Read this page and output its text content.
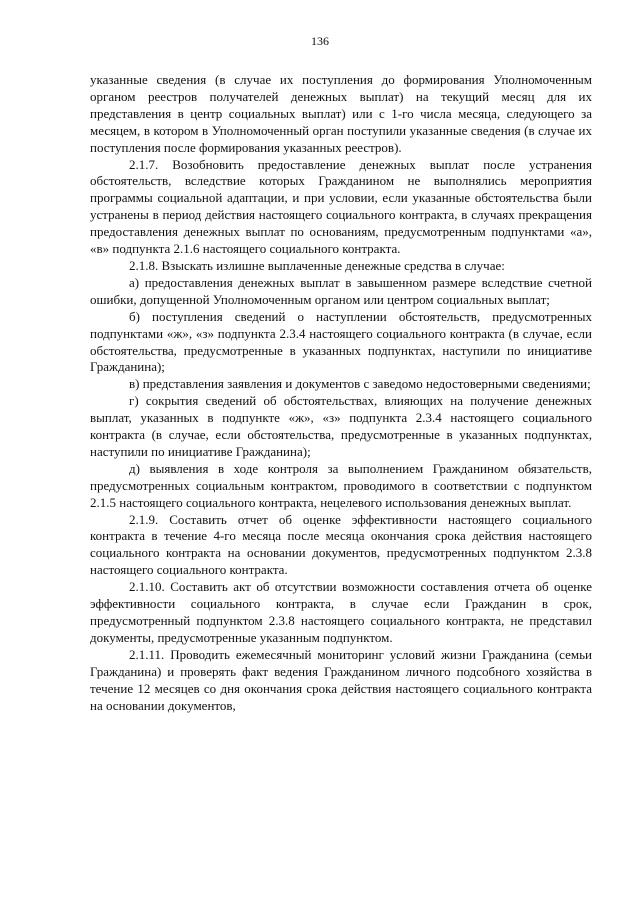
136

указанные сведения (в случае их поступления до формирования Уполномоченным органом реестров получателей денежных выплат) на текущий месяц для их представления в центр социальных выплат) или с 1-го числа месяца, следующего за месяцем, в котором в Уполномоченный орган поступили указанные сведения (в случае их поступления после формирования указанных реестров).

2.1.7. Возобновить предоставление денежных выплат после устранения обстоятельств, вследствие которых Гражданином не выполнялись мероприятия программы социальной адаптации, и при условии, если указанные обстоятельства были устранены в период действия настоящего социального контракта, в случаях прекращения предоставления денежных выплат по основаниям, предусмотренным подпунктами «а», «в» подпункта 2.1.6 настоящего социального контракта.

2.1.8. Взыскать излишне выплаченные денежные средства в случае:

а) предоставления денежных выплат в завышенном размере вследствие счетной ошибки, допущенной Уполномоченным органом или центром социальных выплат;

б) поступления сведений о наступлении обстоятельств, предусмотренных подпунктами «ж», «з» подпункта 2.3.4 настоящего социального контракта (в случае, если обстоятельства, предусмотренные в указанных подпунктах, наступили по инициативе Гражданина);

в) представления заявления и документов с заведомо недостоверными сведениями;

г) сокрытия сведений об обстоятельствах, влияющих на получение денежных выплат, указанных в подпункте «ж», «з» подпункта 2.3.4 настоящего социального контракта (в случае, если обстоятельства, предусмотренные в указанных подпунктах, наступили по инициативе Гражданина);

д) выявления в ходе контроля за выполнением Гражданином обязательств, предусмотренных социальным контрактом, проводимого в соответствии с подпунктом 2.1.5 настоящего социального контракта, нецелевого использования денежных выплат.

2.1.9. Составить отчет об оценке эффективности настоящего социального контракта в течение 4-го месяца после месяца окончания срока действия настоящего социального контракта на основании документов, предусмотренных подпунктом 2.3.8 настоящего социального контракта.

2.1.10. Составить акт об отсутствии возможности составления отчета об оценке эффективности социального контракта, в случае если Гражданин в срок, предусмотренный подпунктом 2.3.8 настоящего социального контракта, не представил документы, предусмотренные указанным подпунктом.

2.1.11. Проводить ежемесячный мониторинг условий жизни Гражданина (семьи Гражданина) и проверять факт ведения Гражданином личного подсобного хозяйства в течение 12 месяцев со дня окончания срока действия настоящего социального контракта на основании документов,
